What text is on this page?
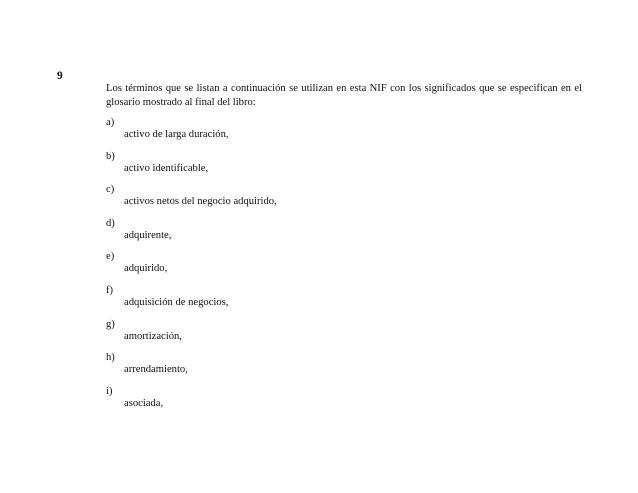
9
Los términos que se listan a continuación se utilizan en esta NIF con los significados que se especifican en el glosario mostrado al final del libro:
a)
activo de larga duración,
b)
activo identificable,
c)
activos netos del negocio adquirido,
d)
adquirente,
e)
adquirido,
f)
adquisición de negocios,
g)
amortización,
h)
arrendamiento,
i)
asociada,
